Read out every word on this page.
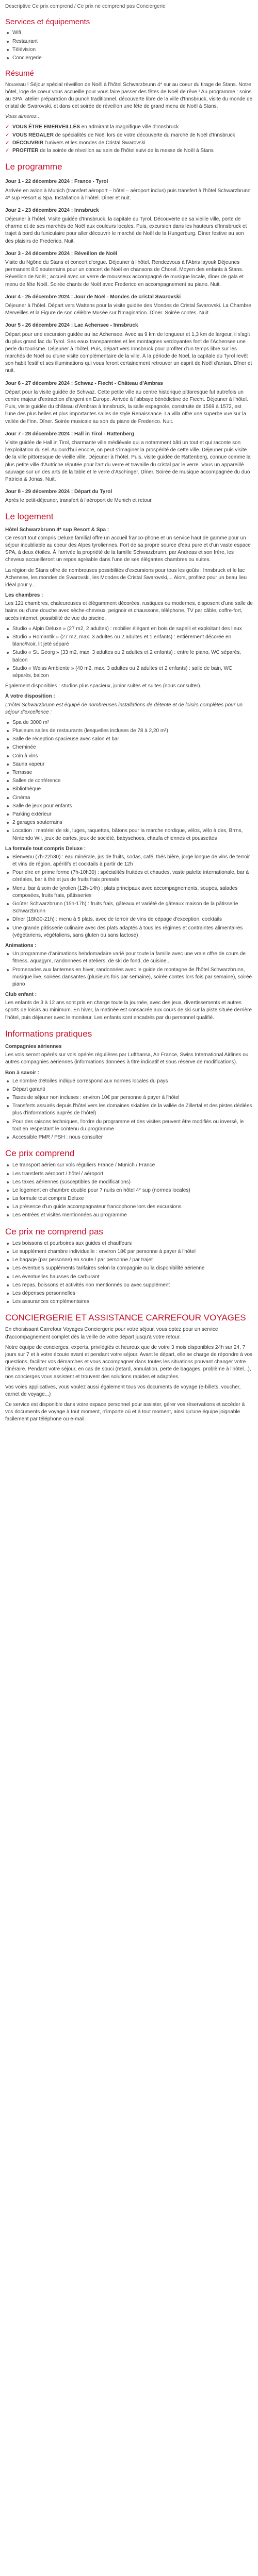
Descriptive Ce prix comprend / Ce prix ne comprend pas Conciergerie
Services et équipements
Wifi
Restaurant
Télévision
Conciergerie
Résumé

Nouveau ! Séjour spécial réveillon de Noël à l'hôtel Schwarzbrunn 4* sur au coeur du tirage de Stans. Notre hôtel, loge de coeur vous accueille pour vous faire passer des fêtes de Noël de rêve ! Au programme : soins au SPA, atelier préparation du punch traditionnel, découverte libre de la ville d'Innsbruck, visite du monde de cristal de Swarovski, et dans cet soirée de réveillon une fête de grand menu de Noël à Stans.

Vous aimerez...

✓ VOUS ÊTRE EMERVEILLÉS en admirant la magnifique ville d'Innsbruck
✓ VOUS RÉGALER de spécialités de Noël lors de votre découverte du marché de Noël d'Innsbruck
✓ DÉCOUVRIR l'univers et les mondes de Cristal Swarovski
✓ PROFITER de la soirée de réveillon au sein de l'hôtel suivi de la messe de Noël à Stans
Le programme
Jour 1 - 22 décembre 2024 : France - Tyrol

Arrivée en avion à Munich (transfert aéroport – hôtel – aéroport inclus) puis transfert à l'hôtel Schwarzbrunn 4* sup Resort & Spa. Installation à l'hôtel. Dîner et nuit.

Jour 2 - 23 décembre 2024 : Innsbruck

Déjeuner à l'hôtel. Visite guidée d'Innsbruck, la capitale du Tyrol. Découverte de sa vieille ville, porte de charme et de ses marchés de Noël aux couleurs locales. Puis, excursion dans les hauteurs d'Innsbruck et trajet à bord du funiculaire pour aller découvrir le marché de Noël de la Hungerburg. Dîner festive au son des plaisirs de Frederico. Nuit.

Jour 3 - 24 décembre 2024 : Réveillon de Noël

Visite du Ngône du Stans et concert d'orgue. Déjeuner à l'hôtel. Rendezvous à l'Abris layouk Déjeunes permanent 8:0 souterrains pour un concert de Noël en chansons de Chorel. Moyen des enfants à Stans. Réveillon de Noël ; accueil avec un verre de mousseux accompagné de musique locale, dîner de gala et menu de fête Noël. Soirée chants de Noël avec Frederico en accompagnement au piano. Nuit.

Jour 4 - 25 décembre 2024 : Jour de Noël - Mondes de cristal Swarovski

Déjeuner à l'hôtel. Départ vers Wattens pour la visite guidée des Mondes de Cristal Swarovski. La Chambre Merveilles et la Figure de son célèbre Musée sur l'Imagination. Dîner. Soirée contes. Nuit.

Jour 5 - 26 décembre 2024 : Lac Achensee - Innsbruck

Départ pour une excursion guidée au lac Achensee. Avec sa 9 km de longueur et 1,3 km de largeur, il s'agit du plus grand lac du Tyrol. Ses eaux transparentes et les montagnes verdoyantes font de l'Achensee une perle du tourisme. Déjeuner à l'hôtel. Puis, départ vers Innsbruck pour profiter d'un temps libre sur les marchés de Noël ou d'une visite complémentaire de la ville. À la période de Noël, la capitale du Tyrol revêt son habit festif et ses illuminations qui vous feront certainement retrouver un esprit de Noël d'antan. Dîner et nuit.

Jour 6 - 27 décembre 2024 : Schwaz - Fiecht - Château d'Ambras

Départ pour la visite guidée de Schwaz. Cette petite ville au centre historique pittoresque fut autrefois un centre majeur d'extraction d'argent en Europe. Arrivée à l'abbaye bénédictine de Fiecht. Déjeuner à l'hôtel. Puis, visite guidée du château d'Ambras à Innsbruck, la salle espagnole, construite de 1569 à 1572, est l'une des plus belles et plus importantes salles de style Renaissance. La villa offre une superbe vue sur la vallée de l'Inn. Dîner. Soirée musicale au son du piano de Frederico. Nuit.

Jour 7 - 28 décembre 2024 : Hall in Tirol - Rattenberg

Visite guidée de Hall in Tirol, charmante ville médiévale qui a notamment bâti un tout et qui raconte son l'exploitation du sel. Aujourd'hui encore, on peut s'imaginer la prospérité de cette ville. Déjeuner puis visite de la ville pittoresque de vieille ville. Déjeuner à l'hôtel. Puis, visite guidée de Rattenberg, connue comme la plus petite ville d'Autriche réputée pour l'art du verre et travaille du cristal par le verre. Vous un appareillé sauvage sur un des arts de la table et le verre d'Aschinger. Dîner. Soirée de musique accompagnée du duo Patricia & Jonas. Nuit.

Jour 8 - 29 décembre 2024 : Départ du Tyrol

Après le petit-déjeuner, transfert à l'aéroport de Munich et retour.

Le logement
Hôtel Schwarzbrunn 4* sup Resort & Spa :

Ce resort tout compris Deluxe familial offre un accueil franco-phone et un service haut de gamme pour un séjour inoubliable au coeur des Alpes tyroliennes. Fort de sa propre source d'eau pure et d'un vaste espace SPA, à deux étoiles. À l'arrivée la propriété de la famille Schwarzbrunn, par Andreas et son frère, les cheveux accueilleront un repos agréable dans l'une de ses élégantes chambres ou suites.

La région de Stans offre de nombreuses possibilités d'excursions pour tous les goûts : Innsbruck et le lac Achensee, les mondes de Swarovski, les Mondes de Cristal Swarovski,... Alors, profitez pour un beau lieu idéal pour y...

Les chambres :

Les 121 chambres, chaleureuses et élégamment décorées, rustiques ou modernes, disposent d'une salle de bains ou d'une douche avec sèche-cheveux, peignoir et chaussons, téléphone, TV par câble, coffre-fort, accès internet, possibilité de vue du piscine.

Studio « Alpin Deluxe » (27 m2, 2 adultes) : mobilier élégant en bois de sapelli et exploitant des lieux
Studio « Romantik » (27 m2, max. 3 adultes ou 2 adultes et 1 enfants) : entièrement décorée en blanc/Noir, lit jeté séparé
Studio « St. Georg » (33 m2, max. 3 adultes ou 2 adultes et 2 enfants) : entre le piano, WC séparés, balcon
Studio « Weiss Ambiente » (40 m2, max. 3 adultes ou 2 adultes et 2 enfants) : salle de bain, WC séparés, balcon

Également disponibles : studios plus spacieux, junior suites et suites (nous consulter).

À votre disposition :

L'hôtel Schwarzbrunn est équipé de nombreuses installations de détente et de loisirs complètes pour un séjour d'excellence :

Spa de 3000 m²
Plusieurs salles de restaurants (lesquelles incluses de 78 à 2,20 m²)
Salle de réception spacieuse avec salon et bar
Cheminée
Coin à vins
Sauna vapeur
Terrasse
Salles de conférence
Bibliothèque
Cinéma
Salle de jeux pour enfants
Parking extérieur
2 garages souterrains
Location : matériel de ski, luges, raquettes, bâtons pour la marche nordique, vélos, vélo à des, Brrns, Nintendo Wii, jeux de cartes, jeux de société, babyschoes, chaufa chiennes et poussettes
La formule tout compris Deluxe :
Bienvenu (7h-22h30) : eau minérale, jus de fruits, sodas, café, thés bière, jorge longue de vins de terroir et vins de région, apéritifs et cocktails à partir de 12h
Pour dire en prime forme (7h-10h30) : spécialités fruitées et chaudes, vaste palette internationale, bar à céréales, bar à thé et jus de fruits frais pressés
Menu, bar à soin de tyrolien (12h-14h) : plats principaux avec accompagnements, soupes, salades composées, fruits frais, pâtisseries
Goûter Schwarzbrunn (15h-17h) : fruits frais, gâteaux et variété de gâteaux maison de la pâtisserie Schwarzbrunn
Dîner (18h30-21h) : menu à 5 plats, avec de terroir de vins de cépage d'exception, cocktails
Une grande pâtisserie culinaire avec des plats adaptés à tous les régimes et contraintes alimentaires (végétariens, végétaliens, sans gluten ou sans lactose)
Animations :
Un programme d'animations hebdomadaire varié pour toute la famille avec une vraie offre de cours de fitness, aquagym, randonnées et ateliers, de ski de fond, de cuisine...
Promenades aux lanternes en hiver, randonnées avec le guide de montagne de l'hôtel Schwarzbrunn, musique live, soirées dansantes (plusieurs fois par semaine), soirée contes lors fois par semaine), soirée piano
Club enfant :

Les enfants de 3 à 12 ans sont pris en charge toute la journée, avec des jeux, divertissements et autres sports de loisirs au minimum. En hiver, la matinée est consacrée aux cours de ski sur la piste située derrière l'hôtel, puis déjeuner avec le moniteur. Les enfants sont encadrés par du personnel qualifié.

Informations pratiques
Compagnies aériennes

Les vols seront opérés sur vols opérés régulières par Lufthansa, Air France, Swiss International Airlines ou autres compagnies aériennes (informations données à titre indicatif et sous réserve de modifications).

Bon à savoir :
Le nombre d'étoiles indiqué correspond aux normes locales du pays
Départ garanti
Taxes de séjour non incluses : environ 10€ par personne à payer à l'hôtel
Transferts assurés depuis l'hôtel vers les domaines skiables de la vallée de Zillertal et des pistes dédiées plus d'informations auprès de l'hôtel)
Pour des raisons techniques, l'ordre du programme et des visites peuvent être modifiés ou inversé, le tout en respectant le contenu du programme
Accessible PMR / PSH : nous consulter
Ce prix comprend
Le transport aérien sur vols réguliers France / Munich / France
Les transferts aéroport / hôtel / aéroport
Les taxes aériennes (susceptibles de modifications)
Le logement en chambre double pour 7 nuits en hôtel 4* sup (normes locales)
La formule tout compris Deluxe
La présence d'un guide accompagnateur francophone lors des excursions
Les entrées et visites mentionnées au programme
Ce prix ne comprend pas
Les boissons et pourboires aux guides et chauffeurs
Le supplément chambre individuelle : environ 18€ par personne à payer à l'hôtel
Le bagage (par personne) en soute / par personne / par trajet
Les éventuels suppléments tarifaires selon la compagnie ou la disponibilité aérienne
Les éventuelles hausses de carburant
Les repas, boissons et activités non mentionnés ou avec supplément
Les dépenses personnelles
Les assurances complémentaires
CONCIERGERIE ET ASSISTANCE CARREFOUR VOYAGES

En choisissant Carrefour Voyages Conciergerie pour votre séjour, vous optez pour un service d'accompagnement complet dès la veille de votre départ jusqu'à votre retour.

Notre équipe de concierges, experts, privilégiés et heureux que de votre 3 mois disponibles 24h sur 24, 7 jours sur 7 et à votre écoute avant et pendant votre séjour. Avant le départ, elle se charge de répondre à vos questions, faciliter vos démarches et vous accompagner dans toutes les situations pouvant changer votre itinéraire. Pendant votre séjour, en cas de souci (retard, annulation, perte de bagages, problème à l'hôtel...), nos concierges vous assistent et trouvent des solutions rapides et adaptées.

Vos voies applicatives, vous voulez aussi également tous vos documents de voyage (e-billets, voucher, carnet de voyage...)

Ce service est disponible dans votre espace personnel pour assister, gérer vos réservations et accéder à vos documents de voyage à tout moment, n'importe où et à tout moment, ainsi qu'une équipe joignable facilement par téléphone ou e-mail.
